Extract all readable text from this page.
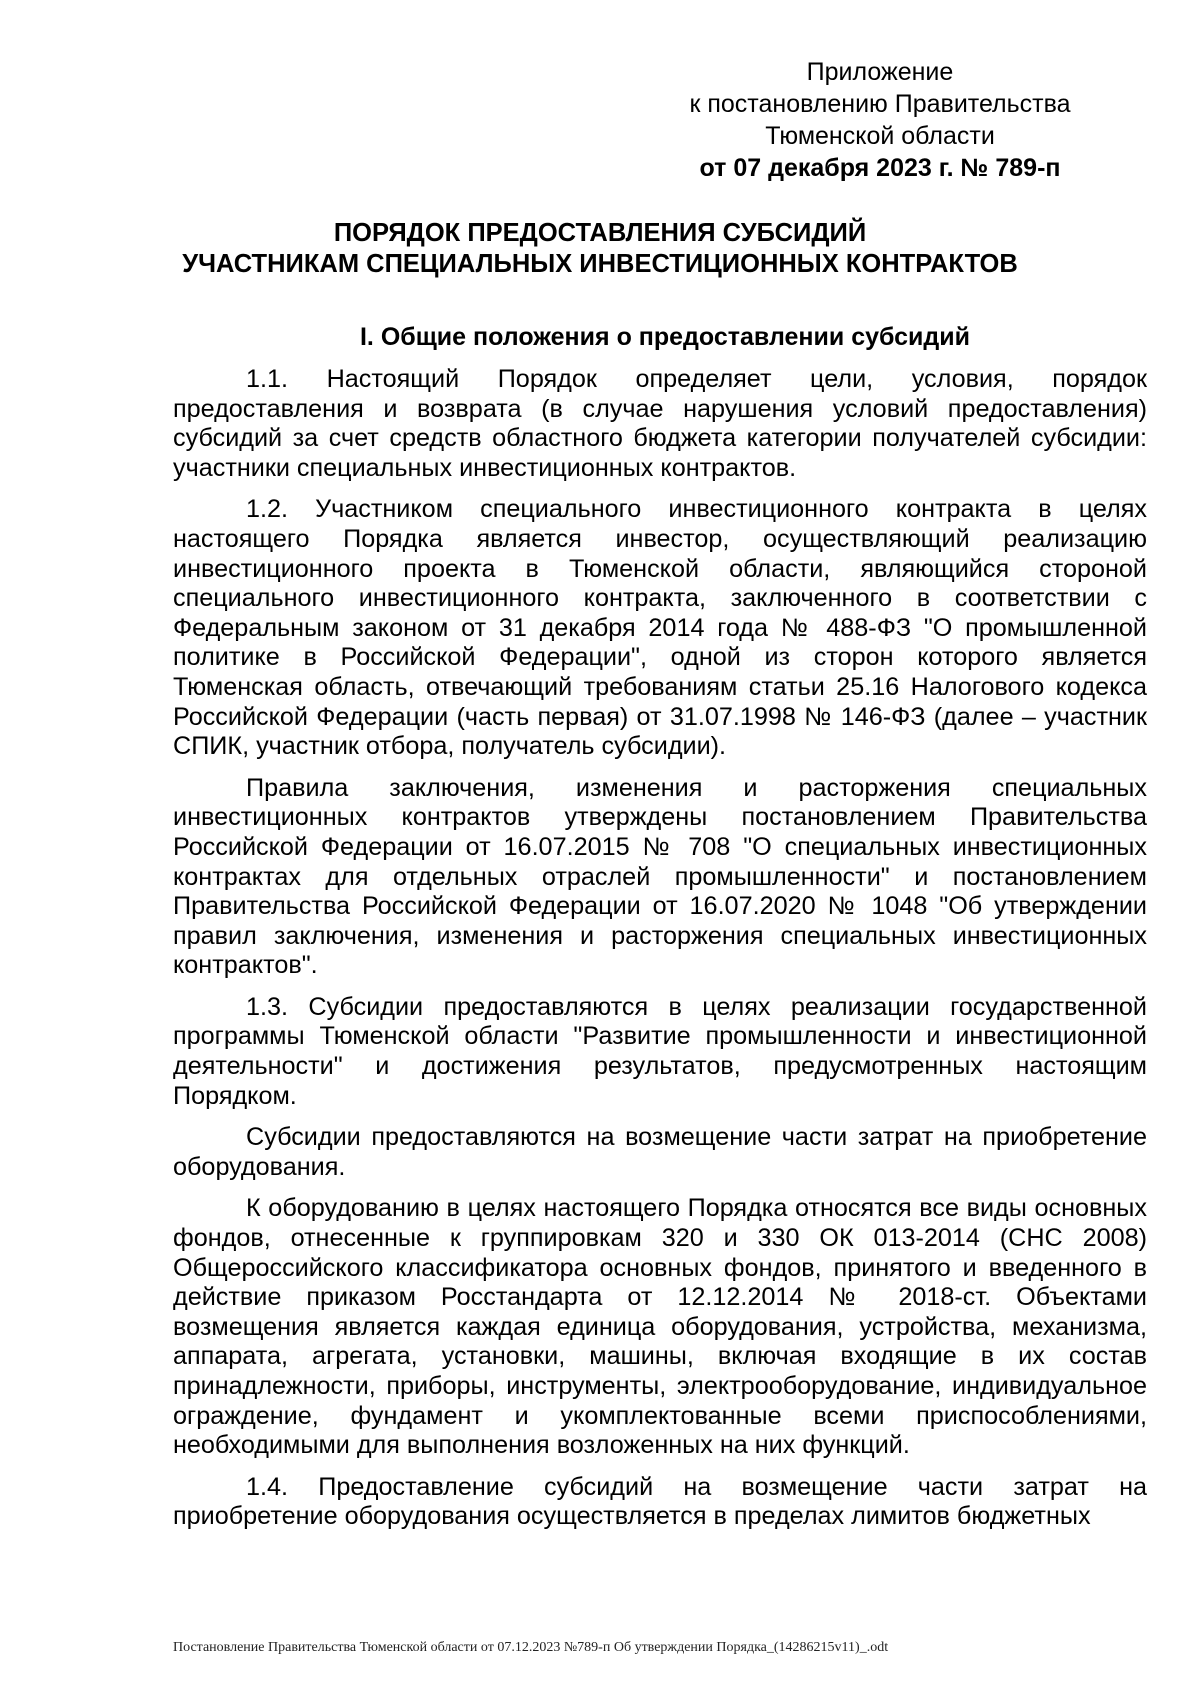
Приложение
к постановлению Правительства
Тюменской области
от 07 декабря 2023 г. № 789-п
ПОРЯДОК ПРЕДОСТАВЛЕНИЯ СУБСИДИЙ
УЧАСТНИКАМ СПЕЦИАЛЬНЫХ ИНВЕСТИЦИОННЫХ КОНТРАКТОВ
I. Общие положения о предоставлении субсидий

1.1. Настоящий Порядок определяет цели, условия, порядок предоставления и возврата (в случае нарушения условий предоставления) субсидий за счет средств областного бюджета категории получателей субсидии: участники специальных инвестиционных контрактов.

1.2. Участником специального инвестиционного контракта в целях настоящего Порядка является инвестор, осуществляющий реализацию инвестиционного проекта в Тюменской области, являющийся стороной специального инвестиционного контракта, заключенного в соответствии с Федеральным законом от 31 декабря 2014 года № 488-ФЗ "О промышленной политике в Российской Федерации", одной из сторон которого является Тюменская область, отвечающий требованиям статьи 25.16 Налогового кодекса Российской Федерации (часть первая) от 31.07.1998 № 146-ФЗ (далее – участник СПИК, участник отбора, получатель субсидии).

Правила заключения, изменения и расторжения специальных инвестиционных контрактов утверждены постановлением Правительства Российской Федерации от 16.07.2015 № 708 "О специальных инвестиционных контрактах для отдельных отраслей промышленности" и постановлением Правительства Российской Федерации от 16.07.2020 № 1048 "Об утверждении правил заключения, изменения и расторжения специальных инвестиционных контрактов".

1.3. Субсидии предоставляются в целях реализации государственной программы Тюменской области "Развитие промышленности и инвестиционной деятельности" и достижения результатов, предусмотренных настоящим Порядком.

Субсидии предоставляются на возмещение части затрат на приобретение оборудования.

К оборудованию в целях настоящего Порядка относятся все виды основных фондов, отнесенные к группировкам 320 и 330 ОК 013-2014 (СНС 2008) Общероссийского классификатора основных фондов, принятого и введенного в действие приказом Росстандарта от 12.12.2014 № 2018-ст. Объектами возмещения является каждая единица оборудования, устройства, механизма, аппарата, агрегата, установки, машины, включая входящие в их состав принадлежности, приборы, инструменты, электрооборудование, индивидуальное ограждение, фундамент и укомплектованные всеми приспособлениями, необходимыми для выполнения возложенных на них функций.

1.4. Предоставление субсидий на возмещение части затрат на приобретение оборудования осуществляется в пределах лимитов бюджетных

Постановление Правительства Тюменской области от 07.12.2023 №789-п Об утверждении Порядка_(14286215v11)_.odt
